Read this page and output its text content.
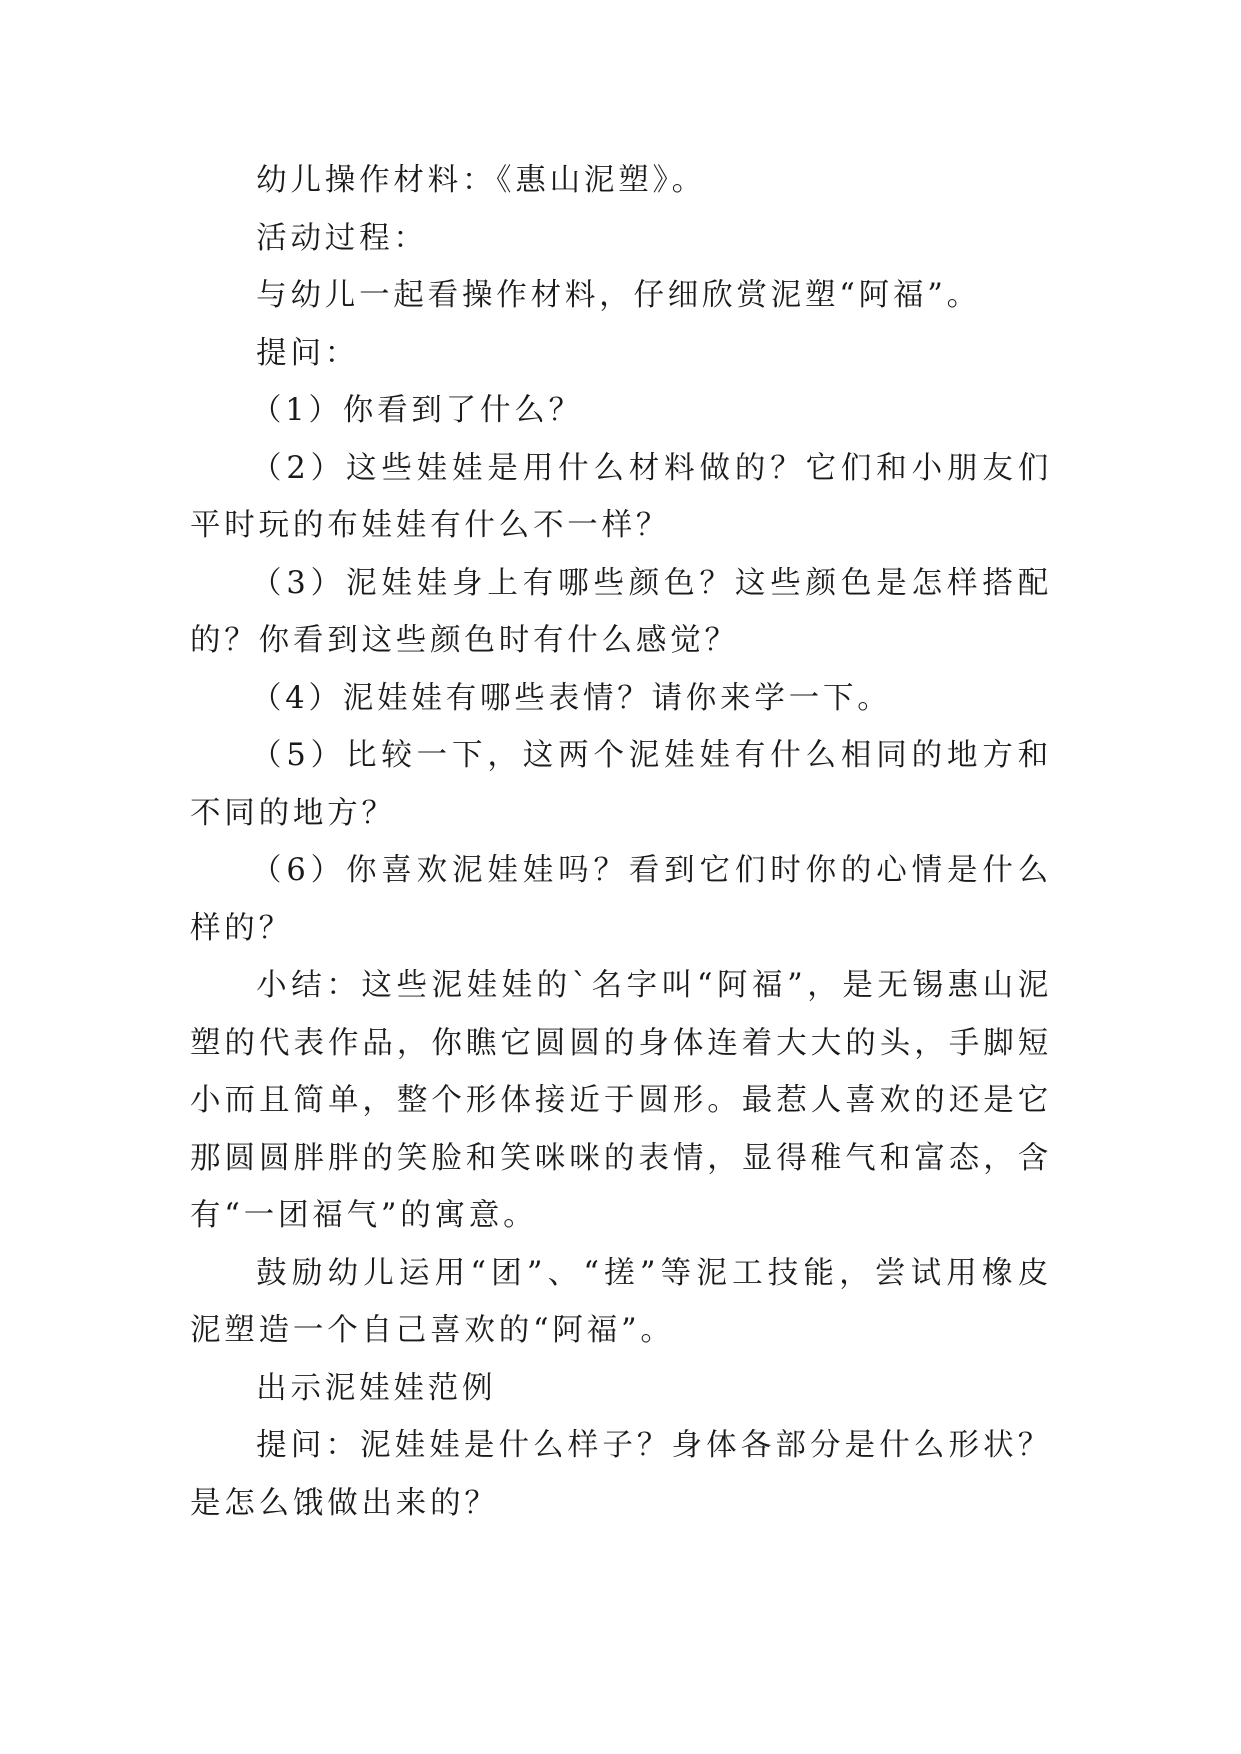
幼儿操作材料：《惠山泥塑》。

活动过程：

与幼儿一起看操作材料，仔细欣赏泥塑“阿福”。

提问：

（1）你看到了什么？

（2）这些娃娃是用什么材料做的？它们和小朋友们平时玩的布娃娃有什么不一样？

（3）泥娃娃身上有哪些颜色？这些颜色是怎样搭配的？你看到这些颜色时有什么感觉？

（4）泥娃娃有哪些表情？请你来学一下。

（5）比较一下，这两个泥娃娃有什么相同的地方和不同的地方？

（6）你喜欢泥娃娃吗？看到它们时你的心情是什么样的？

小结：这些泥娃娃的`名字叫“阿福”，是无锡惠山泥塑的代表作品，你瞧它圆圆的身体连着大大的头，手脚短小而且简单，整个形体接近于圆形。最惹人喜欢的还是它那圆圆胖胖的笑脸和笑咪咪的表情，显得稚气和富态，含有“一团福气”的寓意。

鼓励幼儿运用“团”、“搓”等泥工技能，尝试用橡皮泥塑造一个自己喜欢的“阿福”。

出示泥娃娃范例

提问：泥娃娃是什么样子？身体各部分是什么形状？是怎么饿做出来的？
